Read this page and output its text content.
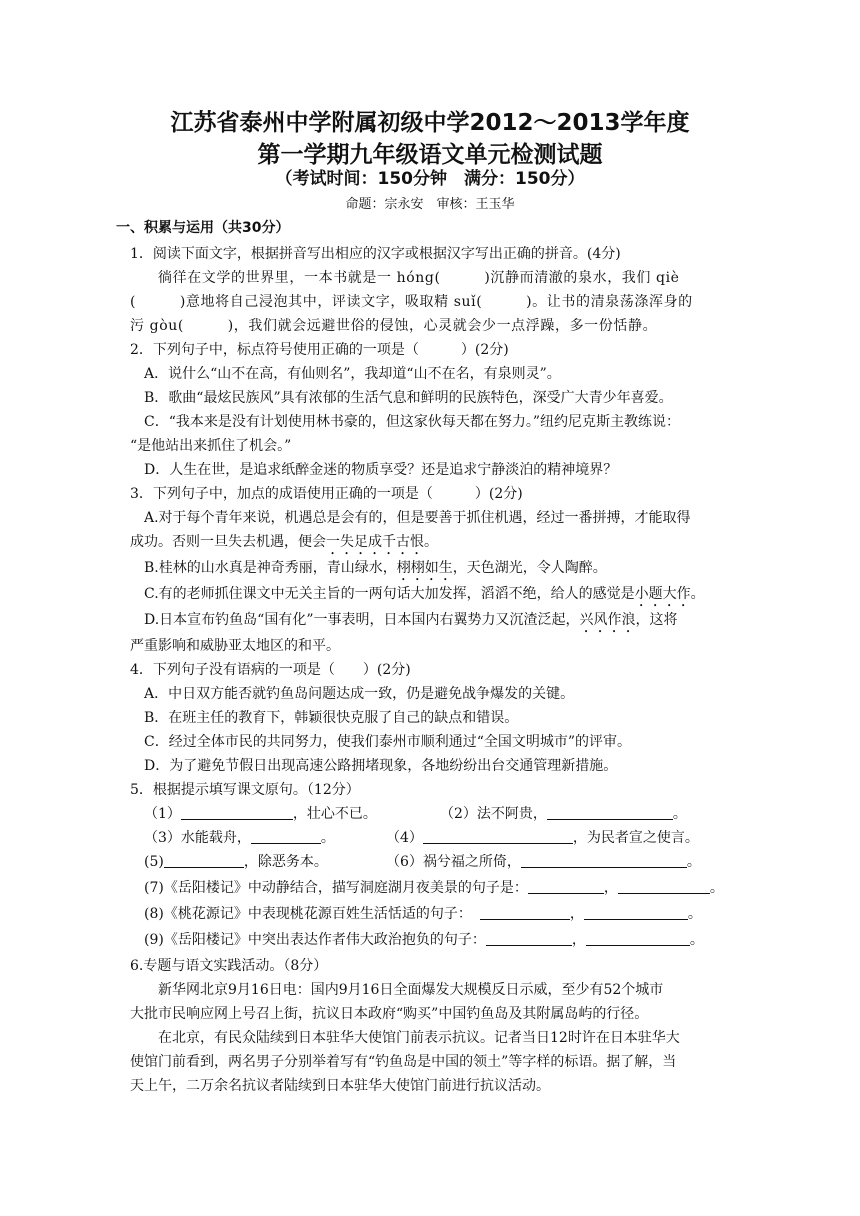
江苏省泰州中学附属初级中学2012～2013学年度
第一学期九年级语文单元检测试题
（考试时间：150分钟　满分：150分）
命题：宗永安　审核：王玉华
一、积累与运用（共30分）
1．阅读下面文字，根据拼音写出相应的汉字或根据汉字写出正确的拼音。(4分)
徜徉在文学的世界里，一本书就是一 hóng(　　　)沉静而清澈的泉水，我们 qiè
(　　　)意地将自己浸泡其中，评读文字，吸取精 suǐ(　　　)。让书的清泉荡涤浑身的
污 gòu(　　　)，我们就会远避世俗的侵蚀，心灵就会少一点浮躁，多一份恬静。
2．下列句子中，标点符号使用正确的一项是（　　　）(2分)
A．说什么“山不在高，有仙则名”，我却道“山不在名，有泉则灵”。
B．歌曲“最炫民族风”具有浓郁的生活气息和鲜明的民族特色，深受广大青少年喜爱。
C．“我本来是没有计划使用林书豪的，但这家伙每天都在努力。”纽约尼克斯主教练说：
“是他站出来抓住了机会。”
D．人生在世，是追求纸醉金迷的物质享受？还是追求宁静淡泊的精神境界？
3．下列句子中，加点的成语使用正确的一项是（　　　）(2分)
A.对于每个青年来说，机遇总是会有的，但是要善于抓住机遇，经过一番拼搏，才能取得
成功。否则一旦失去机遇，便会一失足成千古恨。
B.桂林的山水真是神奇秀丽，青山绿水，栩栩如生，天色湖光，令人陶醉。
C.有的老师抓住课文中无关主旨的一两句话大加发挥，滔滔不绝，给人的感觉是小题大作。
D.日本宣布钓鱼岛“国有化”一事表明，日本国内右翼势力又沉渣泛起，兴风作浪，这将
严重影响和威胁亚太地区的和平。
4．下列句子没有语病的一项是（　　）(2分)
A．中日双方能否就钓鱼岛问题达成一致，仍是避免战争爆发的关键。
B．在班主任的教育下，韩颖很快克服了自己的缺点和错误。
C．经过全体市民的共同努力，使我们泰州市顺利通过“全国文明城市”的评审。
D．为了避免节假日出现高速公路拥堵现象，各地纷纷出台交通管理新措施。
5．根据提示填写课文原句。（12分）
（1）	，壮心不已。	（2）法不阿贵，	。
（3）水能载舟，	。	（4）	，为民者宣之使言。
(5)	，除恶务本。	（6）祸兮福之所倚，	。
(7)《岳阳楼记》中动静结合，描写洞庭湖月夜美景的句子是：	，	。
(8)《桃花源记》中表现桃花源百姓生活恬适的句子：	，	。
(9)《岳阳楼记》中突出表达作者伟大政治抱负的句子：	，	。
6.专题与语文实践活动。（8分）
新华网北京9月16日电：国内9月16日全面爆发大规模反日示威，至少有52个城市
大批市民响应网上号召上街，抗议日本政府“购买”中国钓鱼岛及其附属岛屿的行径。
在北京，有民众陆续到日本驻华大使馆门前表示抗议。记者当日12时许在日本驻华大
使馆门前看到，两名男子分别举着写有“钓鱼岛是中国的领土”等字样的标语。据了解，当
天上午，二万余名抗议者陆续到日本驻华大使馆门前进行抗议活动。
